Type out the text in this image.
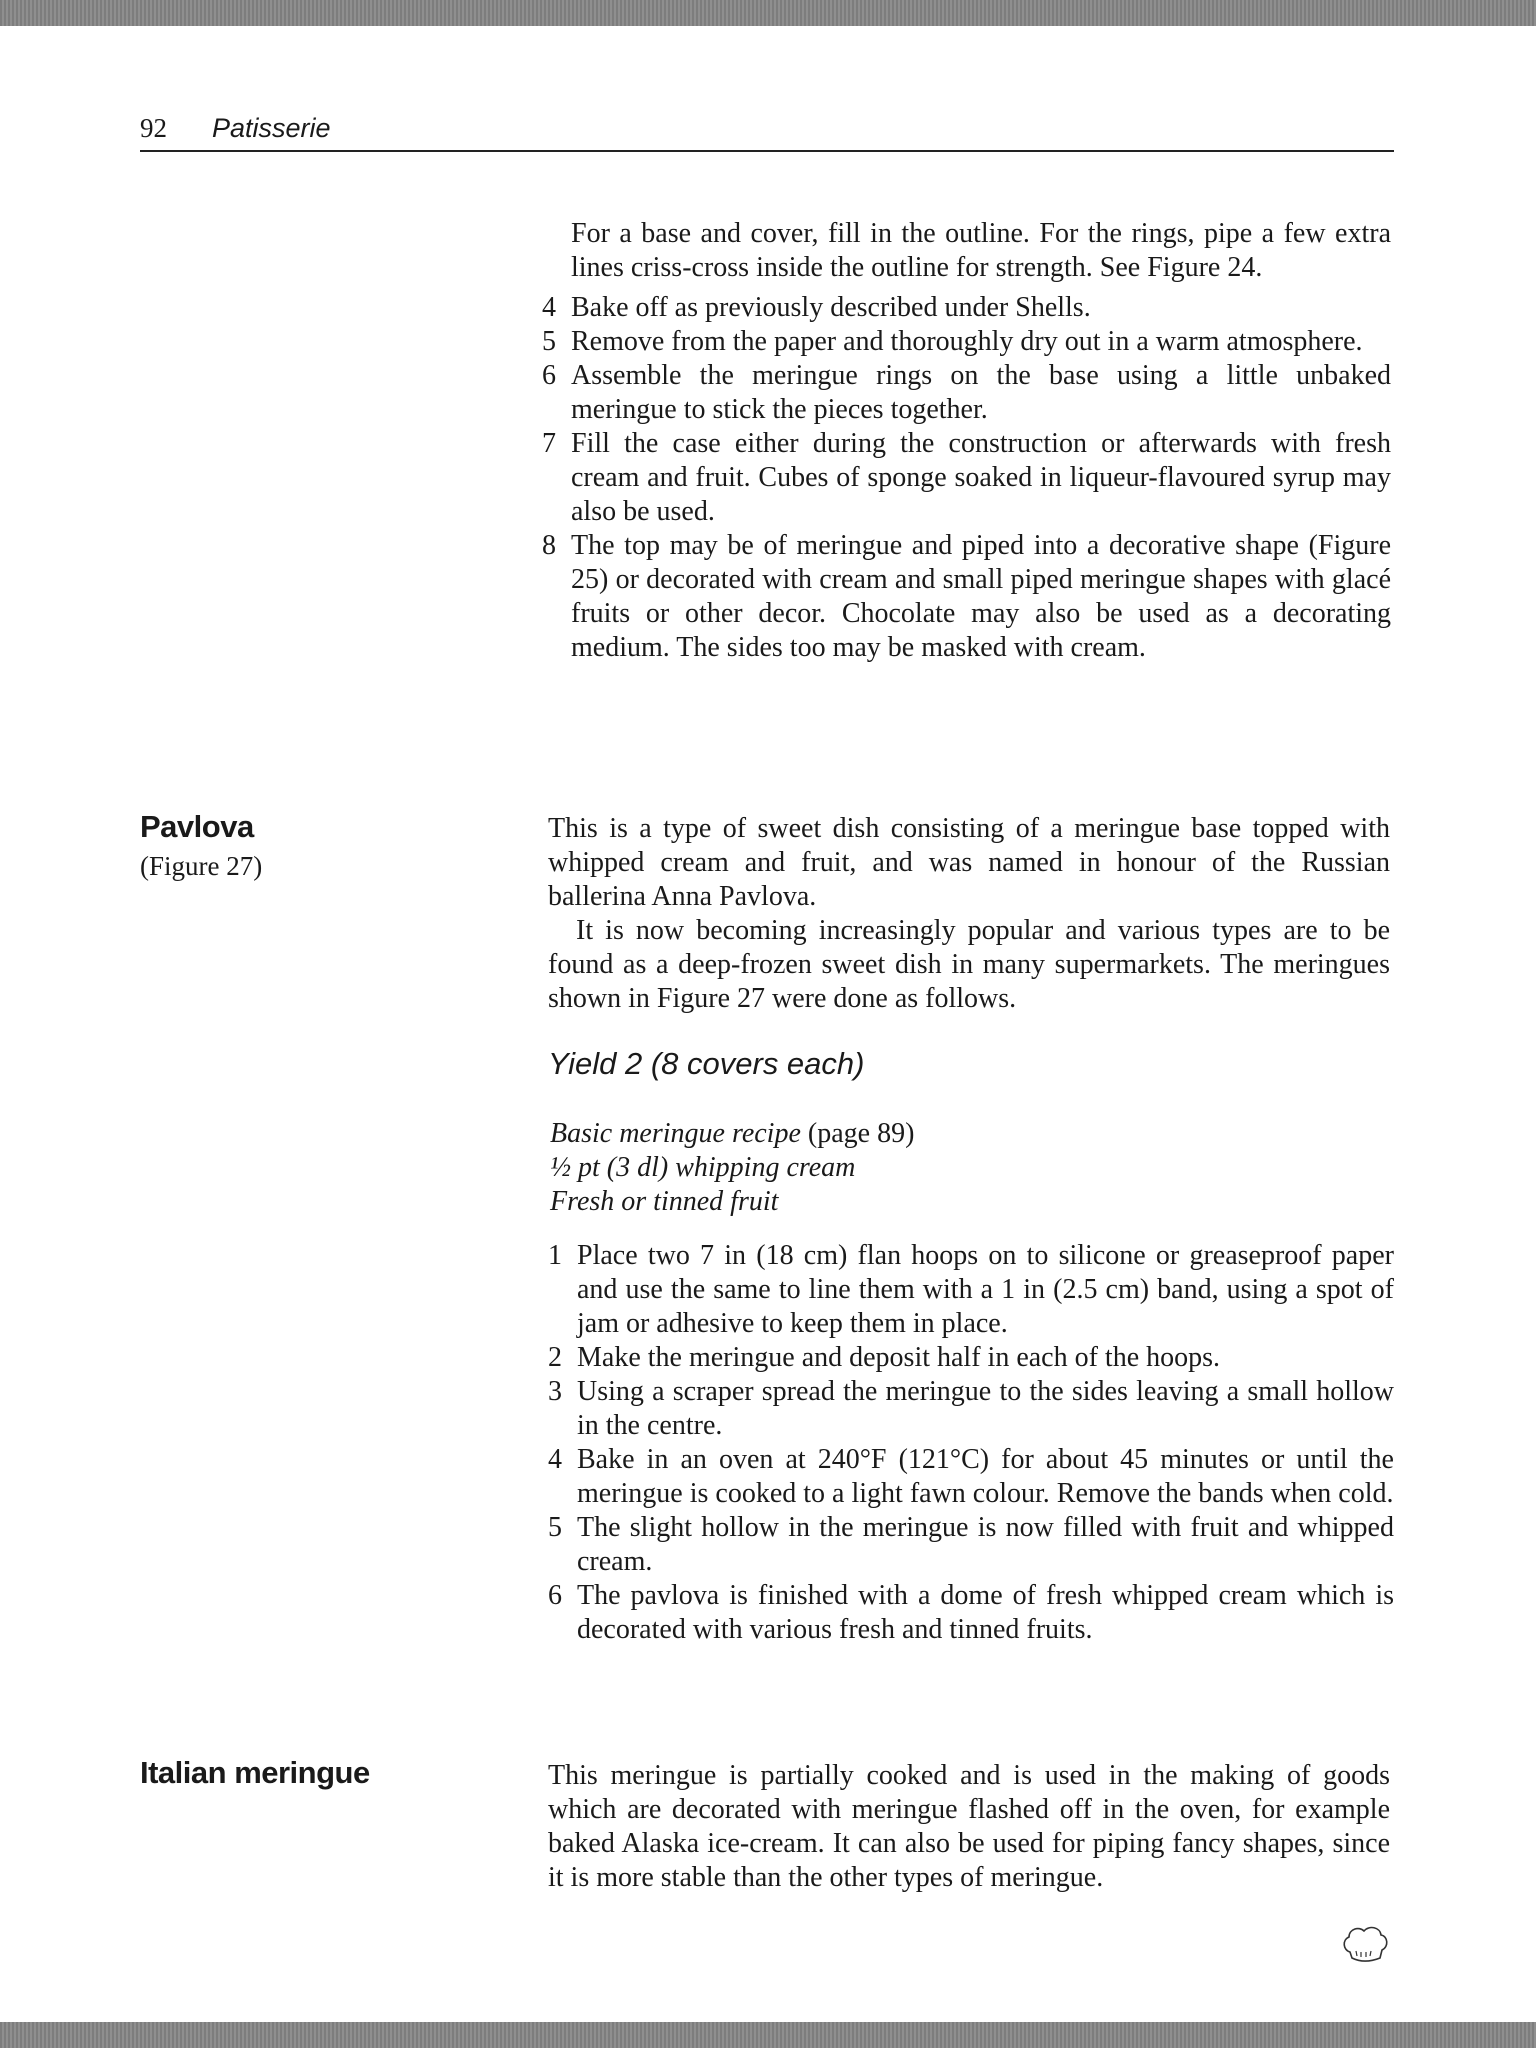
92 Patisserie

For a base and cover, fill in the outline. For the rings, pipe a few extra lines criss-cross inside the outline for strength. See Figure 24.

4 Bake off as previously described under Shells.
5 Remove from the paper and thoroughly dry out in a warm atmosphere.
6 Assemble the meringue rings on the base using a little unbaked meringue to stick the pieces together.
7 Fill the case either during the construction or afterwards with fresh cream and fruit. Cubes of sponge soaked in liqueur-flavoured syrup may also be used.
8 The top may be of meringue and piped into a decorative shape (Figure 25) or decorated with cream and small piped meringue shapes with glacé fruits or other decor. Chocolate may also be used as a decorating medium. The sides too may be masked with cream.
Pavlova
(Figure 27)

This is a type of sweet dish consisting of a meringue base topped with whipped cream and fruit, and was named in honour of the Russian ballerina Anna Pavlova.

It is now becoming increasingly popular and various types are to be found as a deep-frozen sweet dish in many supermarkets. The meringues shown in Figure 27 were done as follows.

Yield 2 (8 covers each)
Basic meringue recipe (page 89)
½ pt (3 dl) whipping cream
Fresh or tinned fruit
1 Place two 7 in (18 cm) flan hoops on to silicone or greaseproof paper and use the same to line them with a 1 in (2.5 cm) band, using a spot of jam or adhesive to keep them in place.
2 Make the meringue and deposit half in each of the hoops.
3 Using a scraper spread the meringue to the sides leaving a small hollow in the centre.
4 Bake in an oven at 240°F (121°C) for about 45 minutes or until the meringue is cooked to a light fawn colour. Remove the bands when cold.
5 The slight hollow in the meringue is now filled with fruit and whipped cream.
6 The pavlova is finished with a dome of fresh whipped cream which is decorated with various fresh and tinned fruits.
Italian meringue	This meringue is partially cooked and is used in the making of goods which are decorated with meringue flashed off in the oven, for example baked Alaska ice-cream. It can also be used for piping fancy shapes, since it is more stable than the other types of meringue.
